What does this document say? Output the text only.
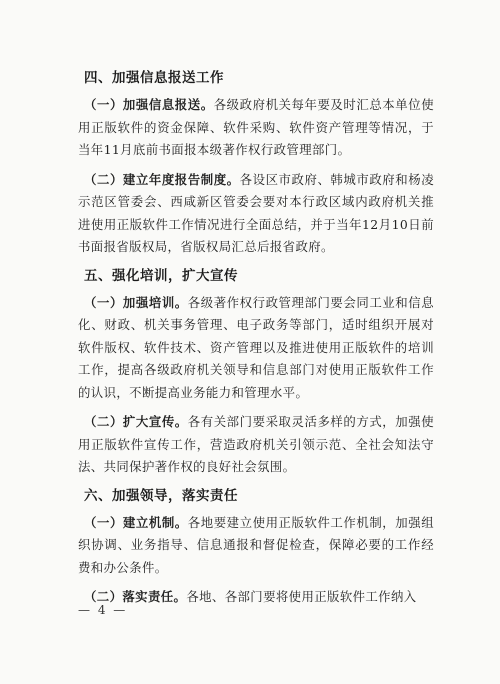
四、加强信息报送工作

（一）加强信息报送。各级政府机关每年要及时汇总本单位使用正版软件的资金保障、软件采购、软件资产管理等情况，于当年11月底前书面报本级著作权行政管理部门。

（二）建立年度报告制度。各设区市政府、韩城市政府和杨凌示范区管委会、西咸新区管委会要对本行政区域内政府机关推进使用正版软件工作情况进行全面总结，并于当年12月10日前书面报省版权局，省版权局汇总后报省政府。

五、强化培训，扩大宣传

（一）加强培训。各级著作权行政管理部门要会同工业和信息化、财政、机关事务管理、电子政务等部门，适时组织开展对软件版权、软件技术、资产管理以及推进使用正版软件的培训工作，提高各级政府机关领导和信息部门对使用正版软件工作的认识，不断提高业务能力和管理水平。

（二）扩大宣传。各有关部门要采取灵活多样的方式，加强使用正版软件宣传工作，营造政府机关引领示范、全社会知法守法、共同保护著作权的良好社会氛围。

六、加强领导，落实责任

（一）建立机制。各地要建立使用正版软件工作机制，加强组织协调、业务指导、信息通报和督促检查，保障必要的工作经费和办公条件。

（二）落实责任。各地、各部门要将使用正版软件工作纳入

— 4 —
